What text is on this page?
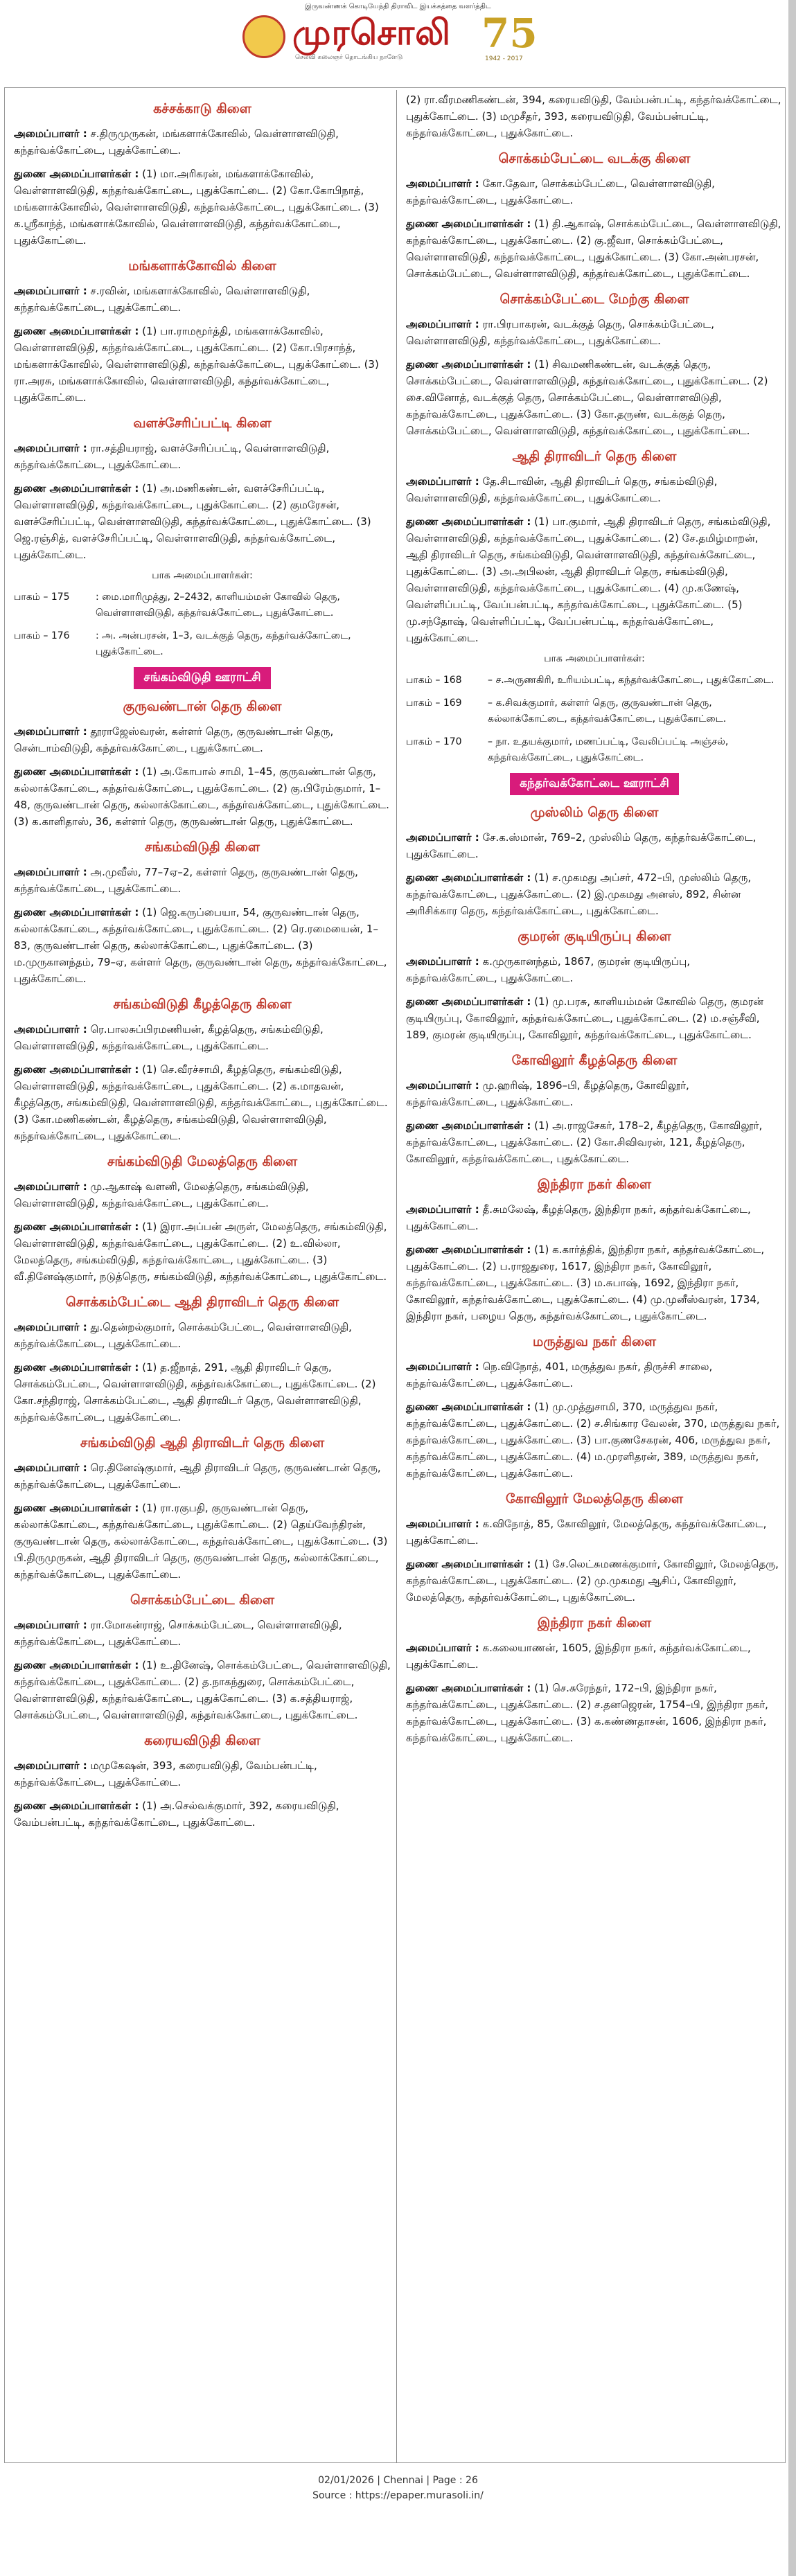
இருவண்ணக் கொடியேந்தி திராவிட இயக்கத்தை வளர்த்திட
முரசொலி
செல்வி கலைஞர் தொடங்கிய நாளேடு
75
1942 - 2017
கச்சக்காடு கிளை

அமைப்பாளர் : ச.திருமுருகன், மங்களாக்கோவில், வெள்ளாளவிடுதி, கந்தர்வக்கோட்டை, புதுக்கோட்டை.

துணை அமைப்பாளர்கள் : (1) மா.அரிகரன், மங்களாக்கோவில், வெள்ளாளவிடுதி, கந்தர்வக்கோட்டை, புதுக்கோட்டை. (2) கோ.கோபிநாத், மங்களாக்கோவில், வெள்ளாளவிடுதி, கந்தர்வக்கோட்டை, புதுக்கோட்டை. (3) க.ஸ்ரீகாந்த், மங்களாக்கோவில், வெள்ளாளவிடுதி, கந்தர்வக்கோட்டை, புதுக்கோட்டை.

மங்களாக்கோவில் கிளை

அமைப்பாளர் : ச.ரவின், மங்களாக்கோவில், வெள்ளாளவிடுதி, கந்தர்வக்கோட்டை, புதுக்கோட்டை.

துணை அமைப்பாளர்கள் : (1) பா.ராமமூர்த்தி, மங்களாக்கோவில், வெள்ளாளவிடுதி, கந்தர்வக்கோட்டை, புதுக்கோட்டை. (2) கோ.பிரசாந்த், மங்களாக்கோவில், வெள்ளாளவிடுதி, கந்தர்வக்கோட்டை, புதுக்கோட்டை. (3) ரா.அரசு, மங்களாக்கோவில், வெள்ளாளவிடுதி, கந்தர்வக்கோட்டை, புதுக்கோட்டை.

வளச்சேரிப்பட்டி கிளை

அமைப்பாளர் : ரா.சத்தியராஜ், வளச்சேரிப்பட்டி, வெள்ளாளவிடுதி, கந்தர்வக்கோட்டை, புதுக்கோட்டை.

துணை அமைப்பாளர்கள் : (1) அ.மணிகண்டன், வளச்சேரிப்பட்டி, வெள்ளாளவிடுதி, கந்தர்வக்கோட்டை, புதுக்கோட்டை. (2) குமரேசன், வளச்சேரிப்பட்டி, வெள்ளாளவிடுதி, கந்தர்வக்கோட்டை, புதுக்கோட்டை. (3) ஜெ.ரஞ்சித், வளச்சேரிப்பட்டி, வெள்ளாளவிடுதி, கந்தர்வக்கோட்டை, புதுக்கோட்டை.

பாக அமைப்பாளர்கள்:
பாகம் – 175	: மை.மாரிமுத்து, 2–2432, காளியம்மன் கோவில் தெரு, வெள்ளாளவிடுதி, கந்தர்வக்கோட்டை, புதுக்கோட்டை.
பாகம் – 176	: அ. அன்பரசன், 1–3, வடக்குத் தெரு, கந்தர்வக்கோட்டை, புதுக்கோட்டை.
சங்கம்விடுதி ஊராட்சி
குருவண்டான் தெரு கிளை

அமைப்பாளர் : தூராஜேஸ்வரன், கள்ளர் தெரு, குருவண்டான் தெரு, சென்டாம்விடுதி, கந்தர்வக்கோட்டை, புதுக்கோட்டை.

துணை அமைப்பாளர்கள் : (1) அ.கோபால் சாமி, 1–45, குருவண்டான் தெரு, கல்லாக்கோட்டை, கந்தர்வக்கோட்டை, புதுக்கோட்டை. (2) கு.பிரேம்குமார், 1–48, குருவண்டான் தெரு, கல்லாக்கோட்டை, கந்தர்வக்கோட்டை, புதுக்கோட்டை. (3) க.காளிதாஸ், 36, கள்ளர் தெரு, குருவண்டான் தெரு, புதுக்கோட்டை.

சங்கம்விடுதி கிளை

அமைப்பாளர் : அ.முவீஸ், 77–7ஏ–2, கள்ளர் தெரு, குருவண்டான் தெரு, கந்தர்வக்கோட்டை, புதுக்கோட்டை.

துணை அமைப்பாளர்கள் : (1) ஜெ.கருப்பையா, 54, குருவண்டான் தெரு, கல்லாக்கோட்டை, கந்தர்வக்கோட்டை, புதுக்கோட்டை. (2) ரெ.ரமையைன், 1–83, குருவண்டான் தெரு, கல்லாக்கோட்டை, புதுக்கோட்டை. (3) ம.முருகானந்தம், 79–ஏ, கள்ளர் தெரு, குருவண்டான் தெரு, கந்தர்வக்கோட்டை, புதுக்கோட்டை.

சங்கம்விடுதி கீழத்தெரு கிளை

அமைப்பாளர் : ரெ.பாலசுப்பிரமணியன், கீழத்தெரு, சங்கம்விடுதி, வெள்ளாளவிடுதி, கந்தர்வக்கோட்டை, புதுக்கோட்டை.

துணை அமைப்பாளர்கள் : (1) செ.வீரச்சாமி, கீழத்தெரு, சங்கம்விடுதி, வெள்ளாளவிடுதி, கந்தர்வக்கோட்டை, புதுக்கோட்டை. (2) க.மாதவன், கீழத்தெரு, சங்கம்விடுதி, வெள்ளாளவிடுதி, கந்தர்வக்கோட்டை, புதுக்கோட்டை. (3) கோ.மணிகண்டன், கீழத்தெரு, சங்கம்விடுதி, வெள்ளாளவிடுதி, கந்தர்வக்கோட்டை, புதுக்கோட்டை.

சங்கம்விடுதி மேலத்தெரு கிளை

அமைப்பாளர் : மு.ஆகாஷ் வளனி, மேலத்தெரு, சங்கம்விடுதி, வெள்ளாளவிடுதி, கந்தர்வக்கோட்டை, புதுக்கோட்டை.

துணை அமைப்பாளர்கள் : (1) இரா.அப்பன் அருள், மேலத்தெரு, சங்கம்விடுதி, வெள்ளாளவிடுதி, கந்தர்வக்கோட்டை, புதுக்கோட்டை. (2) உ.வில்லா, மேலத்தெரு, சங்கம்விடுதி, கந்தர்வக்கோட்டை, புதுக்கோட்டை. (3) வீ.தினேஷ்குமார், நடுத்தெரு, சங்கம்விடுதி, கந்தர்வக்கோட்டை, புதுக்கோட்டை.

சொக்கம்பேட்டை ஆதி திராவிடர் தெரு கிளை

அமைப்பாளர் : து.தென்றல்குமார், சொக்கம்பேட்டை, வெள்ளாளவிடுதி, கந்தர்வக்கோட்டை, புதுக்கோட்டை.

துணை அமைப்பாளர்கள் : (1) த.ஜீநாத், 291, ஆதி திராவிடர் தெரு, சொக்கம்பேட்டை, வெள்ளாளவிடுதி, கந்தர்வக்கோட்டை, புதுக்கோட்டை. (2) கோ.சந்திராஜ், சொக்கம்பேட்டை, ஆதி திராவிடர் தெரு, வெள்ளாளவிடுதி, கந்தர்வக்கோட்டை, புதுக்கோட்டை.

சங்கம்விடுதி ஆதி திராவிடர் தெரு கிளை

அமைப்பாளர் : ரெ.தினேஷ்குமார், ஆதி திராவிடர் தெரு, குருவண்டான் தெரு, கந்தர்வக்கோட்டை, புதுக்கோட்டை.

துணை அமைப்பாளர்கள் : (1) ரா.ரகுபதி, குருவண்டான் தெரு, கல்லாக்கோட்டை, கந்தர்வக்கோட்டை, புதுக்கோட்டை. (2) தெய்வேந்திரன், குருவண்டான் தெரு, கல்லாக்கோட்டை, கந்தர்வக்கோட்டை, புதுக்கோட்டை. (3) பி.திருமுருகன், ஆதி திராவிடர் தெரு, குருவண்டான் தெரு, கல்லாக்கோட்டை, கந்தர்வக்கோட்டை, புதுக்கோட்டை.

சொக்கம்பேட்டை கிளை

அமைப்பாளர் : ரா.மோகன்ராஜ், சொக்கம்பேட்டை, வெள்ளாளவிடுதி, கந்தர்வக்கோட்டை, புதுக்கோட்டை.

துணை அமைப்பாளர்கள் : (1) உ.தினேஷ், சொக்கம்பேட்டை, வெள்ளாளவிடுதி, கந்தர்வக்கோட்டை, புதுக்கோட்டை. (2) த.நாகந்துரை, சொக்கம்பேட்டை, வெள்ளாளவிடுதி, கந்தர்வக்கோட்டை, புதுக்கோட்டை. (3) க.சத்தியராஜ், சொக்கம்பேட்டை, வெள்ளாளவிடுதி, கந்தர்வக்கோட்டை, புதுக்கோட்டை.

கரையவிடுதி கிளை

அமைப்பாளர் : மமுகேஷன், 393, கரையவிடுதி, வேம்பன்பட்டி, கந்தர்வக்கோட்டை, புதுக்கோட்டை.

துணை அமைப்பாளர்கள் : (1) அ.செல்வக்குமார், 392, கரையவிடுதி, வேம்பன்பட்டி, கந்தர்வக்கோட்டை, புதுக்கோட்டை.

(2) ரா.வீரமணிகண்டன், 394, கரையவிடுதி, வேம்பன்பட்டி, கந்தர்வக்கோட்டை, புதுக்கோட்டை. (3) மமுசீதர், 393, கரையவிடுதி, வேம்பன்பட்டி, கந்தர்வக்கோட்டை, புதுக்கோட்டை.

சொக்கம்பேட்டை வடக்கு கிளை

அமைப்பாளர் : கோ.தேவா, சொக்கம்பேட்டை, வெள்ளாளவிடுதி, கந்தர்வக்கோட்டை, புதுக்கோட்டை.

துணை அமைப்பாளர்கள் : (1) தி.ஆகாஷ், சொக்கம்பேட்டை, வெள்ளாளவிடுதி, கந்தர்வக்கோட்டை, புதுக்கோட்டை. (2) கு.ஜீவா, சொக்கம்பேட்டை, வெள்ளாளவிடுதி, கந்தர்வக்கோட்டை, புதுக்கோட்டை. (3) கோ.அன்பரசன், சொக்கம்பேட்டை, வெள்ளாளவிடுதி, கந்தர்வக்கோட்டை, புதுக்கோட்டை.

சொக்கம்பேட்டை மேற்கு கிளை

அமைப்பாளர் : ரா.பிரபாகரன், வடக்குத் தெரு, சொக்கம்பேட்டை, வெள்ளாளவிடுதி, கந்தர்வக்கோட்டை, புதுக்கோட்டை.

துணை அமைப்பாளர்கள் : (1) சிவமணிகண்டன், வடக்குத் தெரு, சொக்கம்பேட்டை, வெள்ளாளவிடுதி, கந்தர்வக்கோட்டை, புதுக்கோட்டை. (2) சை.வினோத், வடக்குத் தெரு, சொக்கம்பேட்டை, வெள்ளாளவிடுதி, கந்தர்வக்கோட்டை, புதுக்கோட்டை. (3) கோ.தருண், வடக்குத் தெரு, சொக்கம்பேட்டை, வெள்ளாளவிடுதி, கந்தர்வக்கோட்டை, புதுக்கோட்டை.

ஆதி திராவிடர் தெரு கிளை

அமைப்பாளர் : தே.சிடாவின், ஆதி திராவிடர் தெரு, சங்கம்விடுதி, வெள்ளாளவிடுதி, கந்தர்வக்கோட்டை, புதுக்கோட்டை.

துணை அமைப்பாளர்கள் : (1) பா.குமார், ஆதி திராவிடர் தெரு, சங்கம்விடுதி, வெள்ளாளவிடுதி, கந்தர்வக்கோட்டை, புதுக்கோட்டை. (2) சே.தமிழ்மாறன், ஆதி திராவிடர் தெரு, சங்கம்விடுதி, வெள்ளாளவிடுதி, கந்தர்வக்கோட்டை, புதுக்கோட்டை. (3) அ.அபிலன், ஆதி திராவிடர் தெரு, சங்கம்விடுதி, வெள்ளாளவிடுதி, கந்தர்வக்கோட்டை, புதுக்கோட்டை. (4) மு.கணேஷ், வெள்ளிப்பட்டி, வேப்பன்பட்டி, கந்தர்வக்கோட்டை, புதுக்கோட்டை. (5) மு.சந்தோஷ், வெள்ளிப்பட்டி, வேப்பன்பட்டி, கந்தர்வக்கோட்டை, புதுக்கோட்டை.

பாக அமைப்பாளர்கள்:
பாகம் – 168	– ச.அருணகிரி, உரியம்பட்டி, கந்தர்வக்கோட்டை, புதுக்கோட்டை.
பாகம் – 169	– க.சிவக்குமார், கள்ளர் தெரு, குருவண்டான் தெரு, கல்லாக்கோட்டை, கந்தர்வக்கோட்டை, புதுக்கோட்டை.
பாகம் – 170	– நா. உதயக்குமார், மணப்பட்டி, வேலிப்பட்டி அஞ்சல், கந்தர்வக்கோட்டை, புதுக்கோட்டை.
கந்தர்வக்கோட்டை ஊராட்சி
முஸ்லிம் தெரு கிளை

அமைப்பாளர் : சே.க.ஸ்மான், 769–2, முஸ்லிம் தெரு, கந்தர்வக்கோட்டை, புதுக்கோட்டை.

துணை அமைப்பாளர்கள் : (1) ச.முகமது அப்சர், 472–பி, முஸ்லிம் தெரு, கந்தர்வக்கோட்டை, புதுக்கோட்டை. (2) இ.முகமது அனஸ், 892, சின்ன அரிசிக்கார தெரு, கந்தர்வக்கோட்டை, புதுக்கோட்டை.

குமரன் குடியிருப்பு கிளை

அமைப்பாளர் : க.முருகானந்தம், 1867, குமரன் குடியிருப்பு, கந்தர்வக்கோட்டை, புதுக்கோட்டை.

துணை அமைப்பாளர்கள் : (1) மு.பரசு, காளியம்மன் கோவில் தெரு, குமரன் குடியிருப்பு, கோவிலூர், கந்தர்வக்கோட்டை, புதுக்கோட்டை. (2) ம.சஞ்சீவி, 189, குமரன் குடியிருப்பு, கோவிலூர், கந்தர்வக்கோட்டை, புதுக்கோட்டை.

கோவிலூர் கீழத்தெரு கிளை

அமைப்பாளர் : மு.ஹரிஷ், 1896–பி, கீழத்தெரு, கோவிலூர், கந்தர்வக்கோட்டை, புதுக்கோட்டை.

துணை அமைப்பாளர்கள் : (1) அ.ராஜசேகர், 178–2, கீழத்தெரு, கோவிலூர், கந்தர்வக்கோட்டை, புதுக்கோட்டை. (2) கோ.சிவிவரன், 121, கீழத்தெரு, கோவிலூர், கந்தர்வக்கோட்டை, புதுக்கோட்டை.

இந்திரா நகர் கிளை

அமைப்பாளர் : தீ.சுமலேஷ், கீழத்தெரு, இந்திரா நகர், கந்தர்வக்கோட்டை, புதுக்கோட்டை.

துணை அமைப்பாளர்கள் : (1) க.கார்த்திக், இந்திரா நகர், கந்தர்வக்கோட்டை, புதுக்கோட்டை. (2) ப.ராஜதுரை, 1617, இந்திரா நகர், கோவிலூர், கந்தர்வக்கோட்டை, புதுக்கோட்டை. (3) ம.சுபாஷ், 1692, இந்திரா நகர், கோவிலூர், கந்தர்வக்கோட்டை, புதுக்கோட்டை. (4) மு.முனீஸ்வரன், 1734, இந்திரா நகர், பழைய தெரு, கந்தர்வக்கோட்டை, புதுக்கோட்டை.

மருத்துவ நகர் கிளை

அமைப்பாளர் : நெ.விநோத், 401, மருத்துவ நகர், திருச்சி சாலை, கந்தர்வக்கோட்டை, புதுக்கோட்டை.

துணை அமைப்பாளர்கள் : (1) மு.முத்துசாமி, 370, மருத்துவ நகர், கந்தர்வக்கோட்டை, புதுக்கோட்டை. (2) ச.சிங்கார வேலன், 370, மருத்துவ நகர், கந்தர்வக்கோட்டை, புதுக்கோட்டை. (3) பா.குணசேகரன், 406, மருத்துவ நகர், கந்தர்வக்கோட்டை, புதுக்கோட்டை. (4) ம.முரளிதரன், 389, மருத்துவ நகர், கந்தர்வக்கோட்டை, புதுக்கோட்டை.

கோவிலூர் மேலத்தெரு கிளை

அமைப்பாளர் : க.விநோத், 85, கோவிலூர், மேலத்தெரு, கந்தர்வக்கோட்டை, புதுக்கோட்டை.

துணை அமைப்பாளர்கள் : (1) சே.லெட்சுமணக்குமார், கோவிலூர், மேலத்தெரு, கந்தர்வக்கோட்டை, புதுக்கோட்டை. (2) மு.முகமது ஆசிப், கோவிலூர், மேலத்தெரு, கந்தர்வக்கோட்டை, புதுக்கோட்டை.

இந்திரா நகர் கிளை

அமைப்பாளர் : க.கலையாணன், 1605, இந்திரா நகர், கந்தர்வக்கோட்டை, புதுக்கோட்டை.

துணை அமைப்பாளர்கள் : (1) செ.சுரேந்தர், 172–பி, இந்திரா நகர், கந்தர்வக்கோட்டை, புதுக்கோட்டை. (2) ச.தனஜெரன், 1754–பி, இந்திரா நகர், கந்தர்வக்கோட்டை, புதுக்கோட்டை. (3) க.கண்ணதாசன், 1606, இந்திரா நகர், கந்தர்வக்கோட்டை, புதுக்கோட்டை.

02/01/2026 | Chennai | Page : 26
Source : https://epaper.murasoli.in/
